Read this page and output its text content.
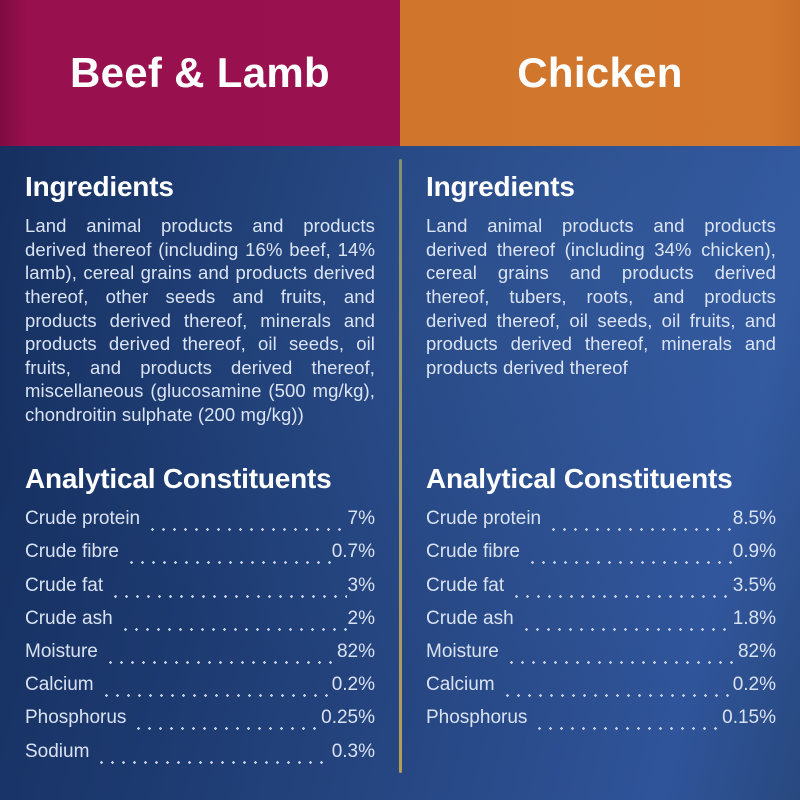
Beef & Lamb	Chicken
Ingredients

Land animal products and products derived thereof (including 16% beef, 14% lamb), cereal grains and products derived thereof, other seeds and fruits, and products derived thereof, minerals and products derived thereof, oil seeds, oil fruits, and products derived thereof, miscellaneous (glucosamine (500 mg/kg), chondroitin sulphate (200 mg/kg))

Analytical Constituents
Crude protein	7%
Crude fibre	0.7%
Crude fat	3%
Crude ash	2%
Moisture	82%
Calcium	0.2%
Phosphorus	0.25%
Sodium	0.3%
Ingredients

Land animal products and products derived thereof (including 34% chicken), cereal grains and products derived thereof, tubers, roots, and products derived thereof, oil seeds, oil fruits, and products derived thereof, minerals and products derived thereof

Analytical Constituents
Crude protein	8.5%
Crude fibre	0.9%
Crude fat	3.5%
Crude ash	1.8%
Moisture	82%
Calcium	0.2%
Phosphorus	0.15%
